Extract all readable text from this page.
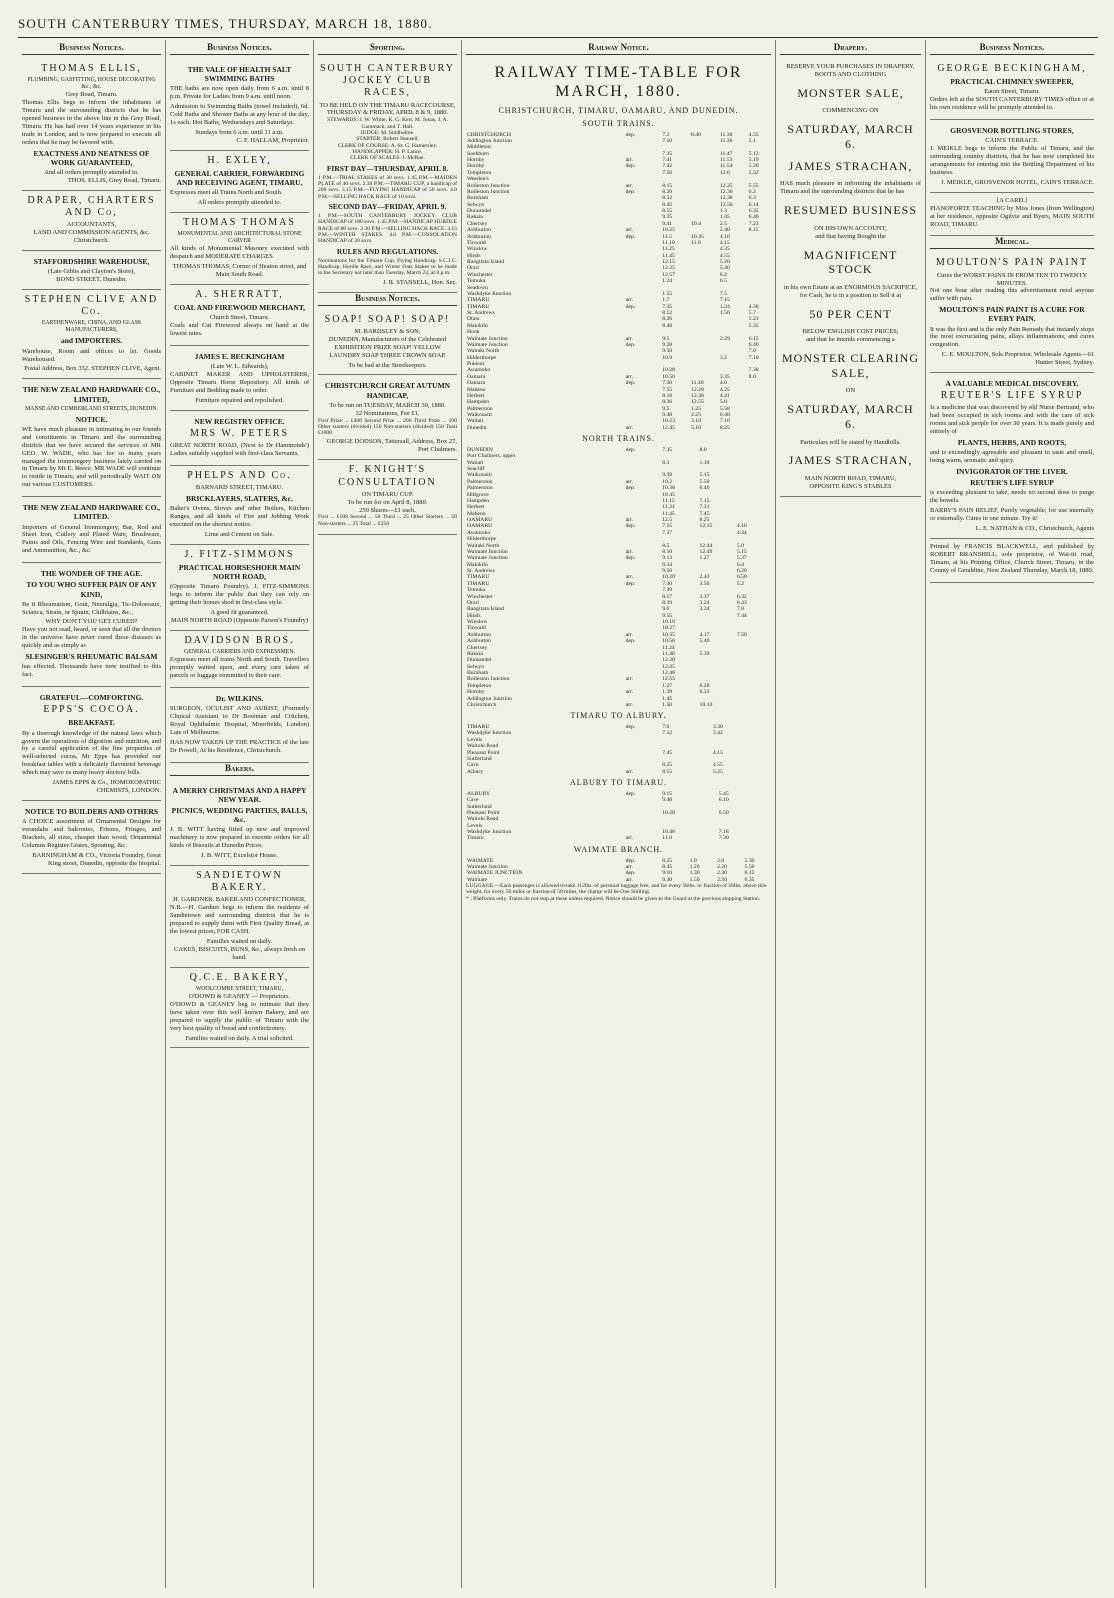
SOUTH CANTERBURY TIMES, THURSDAY, MARCH 18, 1880.
Business Notices.
THOMAS ELLIS,
PLUMBING, GASFITTING, HOUSE DECORATING &c., &c.
Grey Road, Timaru.

Thomas Ellis begs to inform the inhabitants of Timaru and the surrounding districts that he has opened business in the above line in the Grey Road, Timaru. He has had over 14 years experience in his trade in London, and is now prepared to execute all orders that he may be favored with.

EXACTNESS AND NEATNESS OF WORK GUARANTEED,
And all orders promptly attended to.
THOS. ELLIS, Grey Road, Timaru.
DRAPER, CHARTERS AND Co,
ACCOUNTANTS,
LAND AND COMMISSION AGENTS, &c.
Christchurch.
STAFFORDSHIRE WAREHOUSE,
(Late Gibbs and Clayton's Store),
BOND STREET, Dunedin.
STEPHEN CLIVE AND Co.
EARTHENWARE, CHINA, AND GLASS MANUFACTURERS,
and IMPORTERS.

Warehouse, Room and offices to let. Goods Warehoused.

Postal Address, Box 332. STEPHEN CLIVE, Agent.
THE NEW ZEALAND HARDWARE CO., LIMITED,
MANSE AND CUMBERLAND STREETS, DUNEDIN.
NOTICE.

WE have much pleasure in intimating to our friends and constituents in Timaru and the surrounding districts that we have secured the services of MR GEO. W. WADE, who has for so many years managed the ironmongery business lately carried on in Timaru by Mr E. Reece. MR WADE will continue to reside in Timaru, and will periodically WAIT ON our various CUSTOMERS.

THE NEW ZEALAND HARDWARE CO., LIMITED.

Importers of General Ironmongery, Bar, Rod and Sheet Iron, Cutlery and Plated Ware, Brushware, Paints and Oils, Fencing Wire and Standards, Guns and Ammunition, &c., &c.

THE WONDER OF THE AGE.
TO YOU WHO SUFFER PAIN OF ANY KIND,

Be it Rheumatism, Gout, Neuralgia, Tic-Doloreaux, Sciatica, Strain, or Sprain, Chilblains, &c.,

WHY DON'T YOU GET CURED?

Have you not read, heard, or seen that all the doctors in the universe have never cured these diseases as quickly and as simply as

SLESINGER'S RHEUMATIC BALSAM

has effected. Thousands have now testified to this fact.

GRATEFUL—COMFORTING.
EPPS'S COCOA.
BREAKFAST.

By a thorough knowledge of the natural laws which govern the operations of digestion and nutrition, and by a careful application of the fine properties of well-selected cocoa, Mr Epps has provided our breakfast tables with a delicately flavoured beverage which may save us many heavy doctors' bills.

JAMES EPPS & Co., HOMOEOPATHIC CHEMISTS, LONDON.
NOTICE TO BUILDERS AND OTHERS

A CHOICE assortment of Ornamental Designs for verandahs and balconies, Friezes, Fringes, and Brackets, all sizes, cheaper than wood; Ornamental Columns Register Grates, Spouting, &c.

BARNINGHAM & CO., Victoria Foundry, Great King street, Dunedin, opposite the hospital.
Business Notices.
THE VALE OF HEALTH SALT SWIMMING BATHS

THE baths are now open daily from 6 a.m. until 8 p.m. Private for Ladies from 9 a.m. until noon.

Admission to Swimming Baths (towel included), 6d. Cold Baths and Shower Baths at any hour of the day, 1s each. Hot Baths, Wednesdays and Saturdays.

Sundays from 6 a.m. until 11 a.m.
C. F. HALLAM, Proprietor.
H. EXLEY,
GENERAL CARRIER, FORWARDING AND RECEIVING AGENT, TIMARU.

Expresses meet all Trains North and South.

All orders promptly attended to.
THOMAS THOMAS
MONUMENTAL AND ARCHITECTURAL STONE CARVER

All kinds of Monumental Masonry executed with despatch and MODERATE CHARGES.

THOMAS THOMAS, Corner of Heaton street, and Main South Road.
A. SHERRATT,
COAL AND FIREWOOD MERCHANT,
Church Street, Timaru.

Coals and Cut Firewood always on hand at the lowest rates.

JAMES E. BECKINGHAM
(Late W. L. Edwards),

CABINET MAKER AND UPHOLSTERER, Opposite Timaru Horse Repository. All kinds of Furniture and Bedding made to order.

Furniture repaired and repolished.
NEW REGISTRY OFFICE.
MRS W. PETERS

GREAT NORTH ROAD, (Next to Dr Hammonds') Ladies suitably supplied with first-class Servants.

PHELPS AND Co.
BARNARD STREET, TIMARU.
BRICKLAYERS, SLATERS, &c.

Baker's Ovens, Stoves and other Boilers, Kitchen Ranges, and all kinds of Fire and Jobbing Work executed on the shortest notice.

Lime and Cement on Sale.
J. FITZ-SIMMONS
PRACTICAL HORSESHOER MAIN NORTH ROAD,

(Opposite Timaru Foundry). J. FITZ-SIMMONS begs to inform the public that they can rely on getting their horses shod in first-class style.

A good fit guaranteed.
MAIN NORTH ROAD (Opposite Parson's Foundry)
DAVIDSON BROS.
GENERAL CARRIERS AND EXPRESSMEN.

Expresses meet all trains North and South. Travellers promptly waited upon, and every care taken of parcels or luggage committed to their care.

Dr. WILKINS.

SURGEON, OCULIST AND AURIST, (Formerly Clinical Assistant to Dr Bowman and Critchett, Royal Ophthalmic Hospital, Moorfields, London) Late of Melbourne.

HAS NOW TAKEN UP THE PRACTICE of the late Dr Powell, At his Residence, Christchurch.

Bakers.
A MERRY CHRISTMAS AND A HAPPY NEW YEAR.
PICNICS, WEDDING PARTIES, BALLS, &c.

J. B. WITT having fitted up new and improved machinery is now prepared to execute orders for all kinds of Biscuits at Dunedin Prices.

J. B. WITT, Excelsior House.
SANDIETOWN BAKERY.
H. GARDNER. BAKER AND CONFECTIONER,

N.B.—H. Gardner begs to inform the residents of Sandietown and surrounding districts that he is prepared to supply them with First Quality Bread, at the lowest prices, FOR CASH.

Families waited on daily.
CAKES, BISCUITS, BUNS, &c., always fresh on hand.
Q.C.E. BAKERY,
WOOLCOMBE STREET, TIMARU,
O'DOWD & GEANEY — Proprietors.

O'DOWD & GEANEY beg to intimate that they have taken over this well known Bakery, and are prepared to supply the public of Timaru with the very best quality of bread and confectionery.

Families waited on daily. A trial solicited.
Sporting.
SOUTH CANTERBURY JOCKEY CLUB RACES,
TO BE HELD ON THE TIMARU RACECOURSE,
THURSDAY & FRIDAY, APRIL 8 & 9, 1880.
STEWARDS: J. W. White, K. G. Kerr, M. Jonas, J. A. Gammack, and T. Hall.
JUDGE: M. Studholme.
STARTER: Robert Stansell.
CLERK OF COURSE: A. St. G. Hamersley.
HANDICAPPER: H. P. Lance.
CLERK OF SCALES: J. McRae.
FIRST DAY—THURSDAY, APRIL 8.

1 P.M.—TRIAL STAKES of 30 sovs. 1.45 P.M.—MAIDEN PLATE of 40 sovs. 2.30 P.M.—TIMARU CUP, a handicap of 200 sovs. 3.15 P.M.—FLYING HANDICAP of 50 sovs. 4.0 P.M.—SELLING HACK RACE of 10 sovs.

SECOND DAY—FRIDAY, APRIL 9.

1 P.M.—SOUTH CANTERBURY JOCKEY CLUB HANDICAP of 100 sovs. 1.45 P.M.—HANDICAP HURDLE RACE of 80 sovs. 2.30 P.M.—SELLING HACK RACE. 3.15 P.M.—WINTER STAKES. 4.0 P.M.—CONSOLATION HANDICAP of 30 sovs.

RULES AND REGULATIONS.

Nominations for the Timaru Cup, Flying Handicap, S.C.J.C. Handicap, Hurdle Race, and Winter Oats Stakes to be made to the Secretary not later than Tuesday, March 23, at 8 p.m.

J. R. STANSELL, Hon. Sec.
Business Notices.
SOAP! SOAP! SOAP!
M. BARDSLEY & SON,

DUNEDIN, Manufacturers of the Celebrated EXHIBITION PRIZE SOAP! YELLOW LAUNDRY SOAP THREE CROWN SOAP.

To be had at the Storekeepers.
CHRISTCHURCH GREAT AUTUMN HANDICAP,
To be run on TUESDAY, MARCH 30, 1880.
32 Nominations, Fee £1.

First Prize ... £400 Second Prize ... 200 Third Prize ... 100 Other starters (divided) 150 Non-starters (divided) 150 Total £1000

GEORGE DODSON, Tattersall, Address, Box 27, Port Chalmers.
F. KNIGHT'S CONSULTATION
ON TIMARU CUP.
To be run for on April 8, 1880.
250 Shares—£1 each.

First ... £100 Second ... 50 Third ... 25 Other Starters ... 50 Non-starters ... 25 Total ... £250

Railway Notice.
RAILWAY TIME-TABLE FOR MARCH, 1880.
CHRISTCHURCH, TIMARU, OAMARU, AND DUNEDIN.
SOUTH TRAINS.
CHRISTCHURCH	dep.	7.2	8.40	11.30	4.55
Addington Junction		7.10		11.36	5.1
Middleton					
Sockburn		7.35		11.47	5.13
Hornby	arr.	7.41		11.53	5.19
Hornby	dep.	7.42		11.54	5.20
Templeton		7.56		12.6	5.32
Weedon's					
Rolleston Junction	arr.	8.15		12.25	5.55
Rolleston Junction	dep.	8.20		12.30	6.2
Burnham		8.32		12.38	6.3
Selwyn		8.45		12.50	6.14
Dunsandel		8.55		1.3	6.35
Rakaia		9.35		1.45	6.46
Chertsey		9.41	10.4	2.5	7.23
Ashburton	arr.	10.25		2.40	8.15
Ashburton	dep.	11.5	10.45	4.10	
Tinwald		11.10	11.0	4.15	
Winslow		11.25		4.35	
Hinds		11.45		4.55	
Rangitata Island		12.15		5.20	
Orari		12.25		5.40	
Winchester		12.57		6.2	
Temuka		1.24		6.5	
Seadown					
Washdyke Junction		1.55		7.5	
TIMARU	arr.	1.7		7.15	
TIMARU	dep.	7.35		1.24	4.30
St. Andrews		8.12		1.56	5.7
Otaio		8.26			5.21
Makikihi		8.40			5.35
Hook					
Waimate Junction	arr.	9.5		2.29	6.15
Waimate Junction	dep.	9.28			6.40
Waitaki North		9.50			7.0
Hilderthorpe		10.9		3.2	7.10
Pukeuri					
Awamoko		10.28			7.38
Oamaru	arr.	10.50		3.35	8.0
Oamaru	dep.	7.30	11.40	4.0	
Maheno		7.55	12.20	4.25	
Herbert		8.10	12.30	4.41	
Hampden		8.36	12.55	5.8	
Palmerston		9.5	1.25	5.58	
Waikouaiti		9.48	2.25	6.40	
Waitati		10.23	3.10	7.10	
Dunedin	arr.	12.45	5.10	8.25	
NORTH TRAINS.
DUNEDIN	dep.	7.35	8.0		
Port Chalmers, upper					
Waitati		8.3	1.10		
Seacliff					
Waikouaiti		9.39	5.15		
Palmerston	arr.	10.2	5.50		
Palmerston	dep.	10.30	6.40		
Hillgrove		10.45			
Hampden		11.15	7.15		
Herbert		11.31	7.31		
Maheno		11.45	7.45		
OAMARU	arr.	12.5	8.25		
OAMARU	dep.	7.15	12.15	4.10	
Awamoko		7.37		4.34	
Hilderthorpe					
Waitaki North		8.5	12.44	5.0	
Waimate Junction	arr.	8.10	12.49	5.15	
Waimate Junction	dep.	9.13	1.27	5.37	
Makikihi		9.34		6.4	
St. Andrews		9.50		6.20	
TIMARU	arr.	10.20	2.43	6.50	
TIMARU	dep.	7.30	3.50	5.2	
Temuka		7.49			
Winchester		8.17	3.37	6.32	
Orari		8.39	3.24	6.43	
Rangitata Island		9.0	3.34	7.0	
Hinds		9.55		7.44	
Winslow		10.10			
Tinwald		10.27			
Ashburton	arr.	10.35	4.17	7.50	
Ashburton	dep.	10.56	5.40		
Chertsey		11.24			
Rakaia		11.40	5.39		
Dunsandel		12.20			
Selwyn		12.35			
Burnham		12.48			
Rolleston Junction	arr.	12.55			
Templeton		1.27	6.28		
Hornby	arr.	1.39	6.33		
Addington Junction		1.45			
Christchurch	arr.	1.50	10.10		
TIMARU TO ALBURY.
TIMARU	dep.	7.0	3.30	
Washdyke Junction		7.12	3.42	
Levels				
Waitohi Road				
Pleasant Point		7.45	4.15	
Sutherland				
Cave		8.25	4.55	
Albury	arr.	8.55	5.25	
ALBURY TO TIMARU.
ALBURY	dep.	9.15	5.45	
Cave		9.40	6.10	
Sutherland				
Pleasant Point		10.20	6.50	
Waitohi Road				
Levels				
Washdyke Junction		10.48	7.18	
Timaru	arr.	11.0	7.30	
WAIMATE BRANCH.
WAIMATE	dep.	8.25	1.0	2.0	5.30
Waimate Junction	arr.	8.45	1.20	2.20	5.50
WAIMATE JUNCTION	dep.	9.10	1.30	2.30	6.15
Waimate	arr.	9.30	1.50	2.50	6.35

LUGGAGE.—Each passenger is allowed to take 112lbs. of personal luggage free, and for every 56lbs. or fraction of 56lbs. above this weight, for every 50 miles or fraction of 50 miles, the charge will be One Shilling.

* ; Platforms only. Trains do not stop at these unless required. Notice should be given to the Guard at the previous stopping Station.

Drapery.
RESERVE YOUR PURCHASES IN DRAPERY, BOOTS AND CLOTHING
MONSTER SALE,
COMMENCING ON
SATURDAY, MARCH 6.
JAMES STRACHAN,

HAS much pleasure in informing the inhabitants of Timaru and the surrounding districts that he has

RESUMED BUSINESS
ON HIS OWN ACCOUNT,
and that having Bought the
MAGNIFICENT STOCK
in his own Estate at an ENORMOUS SACRIFICE,
for Cash, he is in a position to Sell it at
50 PER CENT
BELOW ENGLISH COST PRICES,
and that he intends commencing a
MONSTER CLEARING SALE,
ON
SATURDAY, MARCH 6.
Particulars will be stated by Handbills.
JAMES STRACHAN,
MAIN NORTH ROAD, TIMARU,
OPPOSITE KING'S STABLES
Business Notices.
GEORGE BECKINGHAM,
PRACTICAL CHIMNEY SWEEPER,
Eaton Street, Timaru.

Orders left at the SOUTH CANTERBURY TIMES office or at his own residence will be promptly attended to.

GROSVENOR BOTTLING STORES,
CAIN'S TERRACE.

J. MEIKLE begs to inform the Public of Timaru, and the surrounding country districts, that he has now completed his arrangements for entering into the Bottling Department of his business.

J. MEIKLE, GROSVENOR HOTEL, CAIN'S TERRACE.
[A CARD.]

PIANOFORTE TEACHING by Miss Jones (from Wellington) at her residence, opposite Ogilvie and Byers, MAIN SOUTH ROAD, TIMARU.

Medical.
MOULTON'S PAIN PAINT
Cures the WORST PAINS IN FROM TEN TO TWENTY MINUTES.

Not one hour after reading this advertisement need anyone suffer with pain.

MOULTON'S PAIN PAINT IS A CURE FOR EVERY PAIN.

It was the first and is the only Pain Remedy that instantly stops the most excruciating pains, allays inflammations, and cures congestion.

C. E. MOULTON, Sole Proprietor. Wholesale Agents—61 Hunter Street, Sydney.
A VALUABLE MEDICAL DISCOVERY.
REUTER'S LIFE SYRUP

Is a medicine that was discovered by old Nurse Bertrand, who had been occupied in sick rooms and with the care of sick rooms and sick people for over 30 years. It is made purely and entirely of

PLANTS, HERBS, AND ROOTS,

and is exceedingly agreeable and pleasant to taste and smell, being warm, aromatic and spicy.

INVIGORATOR OF THE LIVER.
REUTER'S LIFE SYRUP

is exceeding pleasant to take, needs no second dose to purge the bowels.

BARRY'S PAIN RELIEF, Purely vegetable; for use internally or externally. Cures in one minute. Try it!

L. E. NATHAN & CO., Christchurch, Agents

Printed by FRANCIS BLACKWELL, and published by ROBERT BRANSHILL, sole proprietor, of Wai-iti road, Timaru, at his Printing Office, Church Street, Timaru, in the County of Geraldine, New Zealand Thursday, March 18, 1880.
